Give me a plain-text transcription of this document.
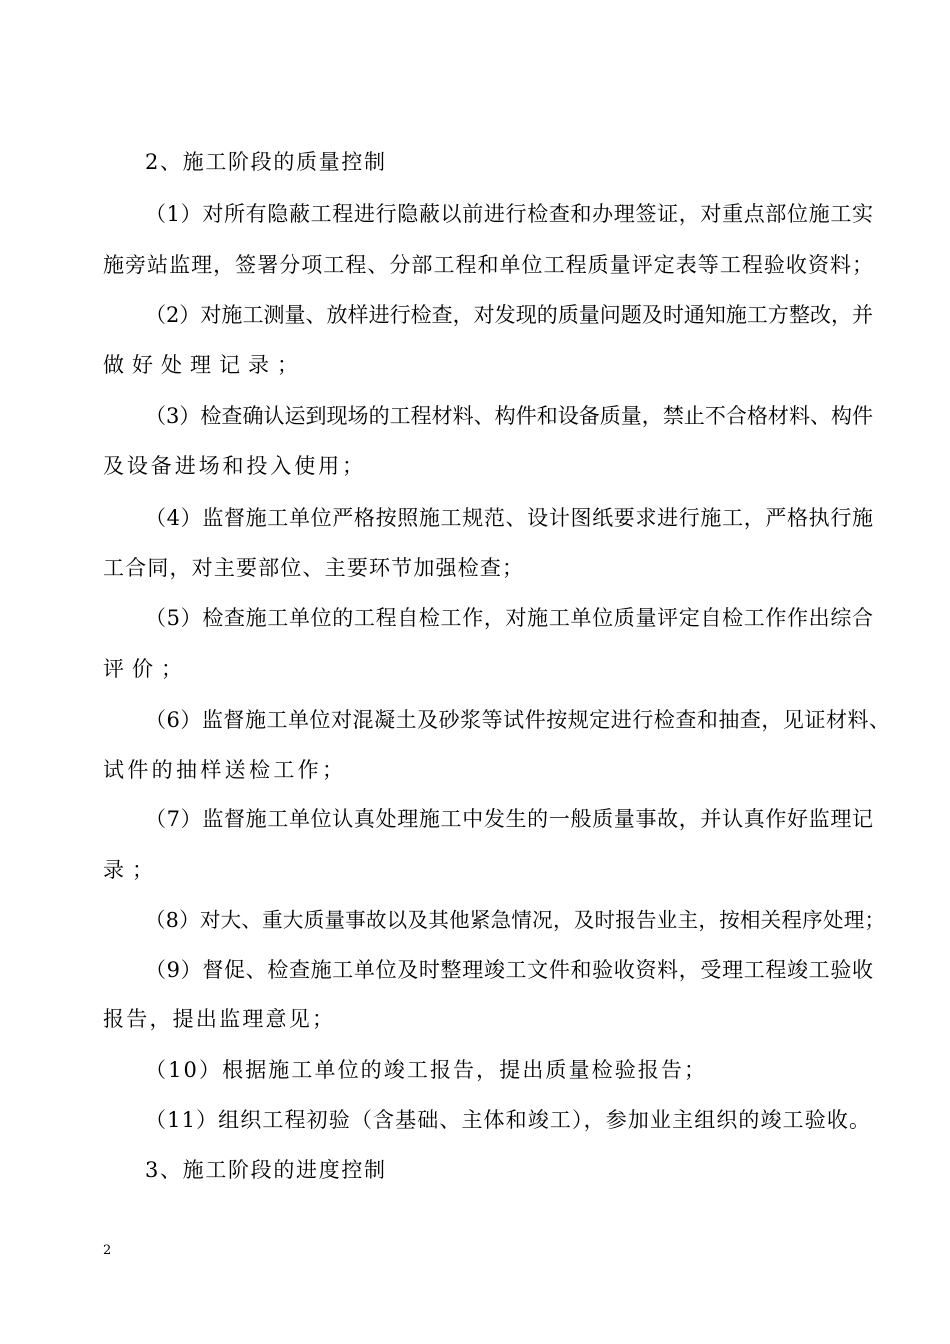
2、施工阶段的质量控制
（1）对所有隐蔽工程进行隐蔽以前进行检查和办理签证，对重点部位施工实
施旁站监理，签署分项工程、分部工程和单位工程质量评定表等工程验收资料；
（2）对施工测量、放样进行检查，对发现的质量问题及时通知施工方整改，并
做好处理记录；
（3）检查确认运到现场的工程材料、构件和设备质量，禁止不合格材料、构件
及设备进场和投入使用；
（4）监督施工单位严格按照施工规范、设计图纸要求进行施工，严格执行施
工合同，对主要部位、主要环节加强检查；
（5）检查施工单位的工程自检工作，对施工单位质量评定自检工作作出综合
评价；
（6）监督施工单位对混凝土及砂浆等试件按规定进行检查和抽查，见证材料、
试件的抽样送检工作；
（7）监督施工单位认真处理施工中发生的一般质量事故，并认真作好监理记
录；
（8）对大、重大质量事故以及其他紧急情况，及时报告业主，按相关程序处理；
（9）督促、检查施工单位及时整理竣工文件和验收资料，受理工程竣工验收
报告，提出监理意见；
（10）根据施工单位的竣工报告，提出质量检验报告；
（11）组织工程初验（含基础、主体和竣工），参加业主组织的竣工验收。
3、施工阶段的进度控制
2
